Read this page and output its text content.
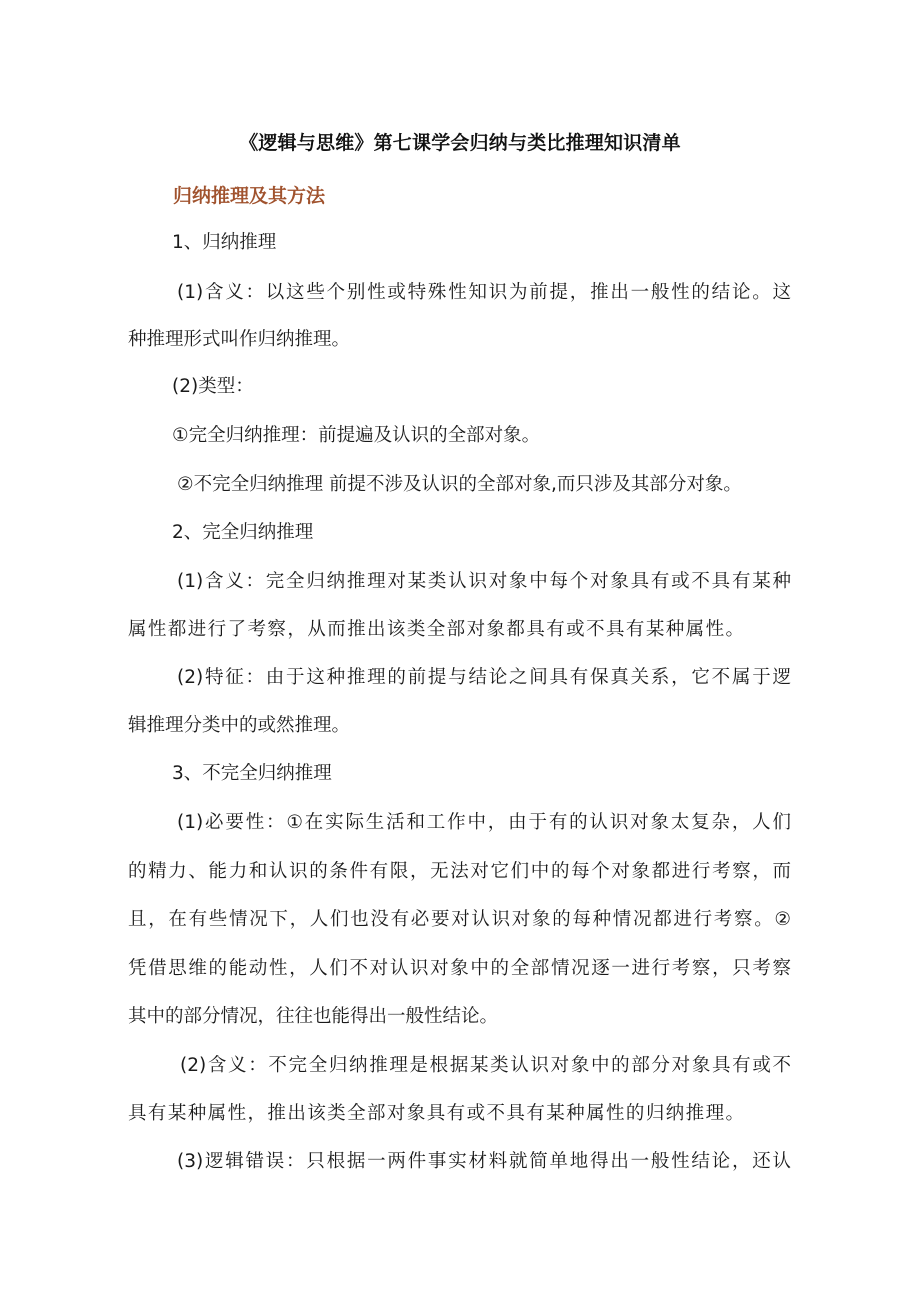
《逻辑与思维》第七课学会归纳与类比推理知识清单
归纳推理及其方法
1、归纳推理
(1)含义：以这些个别性或特殊性知识为前提，推出一般性的结论。这
种推理形式叫作归纳推理。
(2)类型：
①完全归纳推理：前提遍及认识的全部对象。
②不完全归纳推理 前提不涉及认识的全部对象,而只涉及其部分对象。
2、完全归纳推理
(1)含义：完全归纳推理对某类认识对象中每个对象具有或不具有某种
属性都进行了考察，从而推出该类全部对象都具有或不具有某种属性。
(2)特征：由于这种推理的前提与结论之间具有保真关系，它不属于逻
辑推理分类中的或然推理。
3、不完全归纳推理
(1)必要性：①在实际生活和工作中，由于有的认识对象太复杂，人们
的精力、能力和认识的条件有限，无法对它们中的每个对象都进行考察，而
且，在有些情况下，人们也没有必要对认识对象的每种情况都进行考察。②
凭借思维的能动性，人们不对认识对象中的全部情况逐一进行考察，只考察
其中的部分情况，往往也能得出一般性结论。
(2)含义：不完全归纳推理是根据某类认识对象中的部分对象具有或不
具有某种属性，推出该类全部对象具有或不具有某种属性的归纳推理。
(3)逻辑错误：只根据一两件事实材料就简单地得出一般性结论，还认
